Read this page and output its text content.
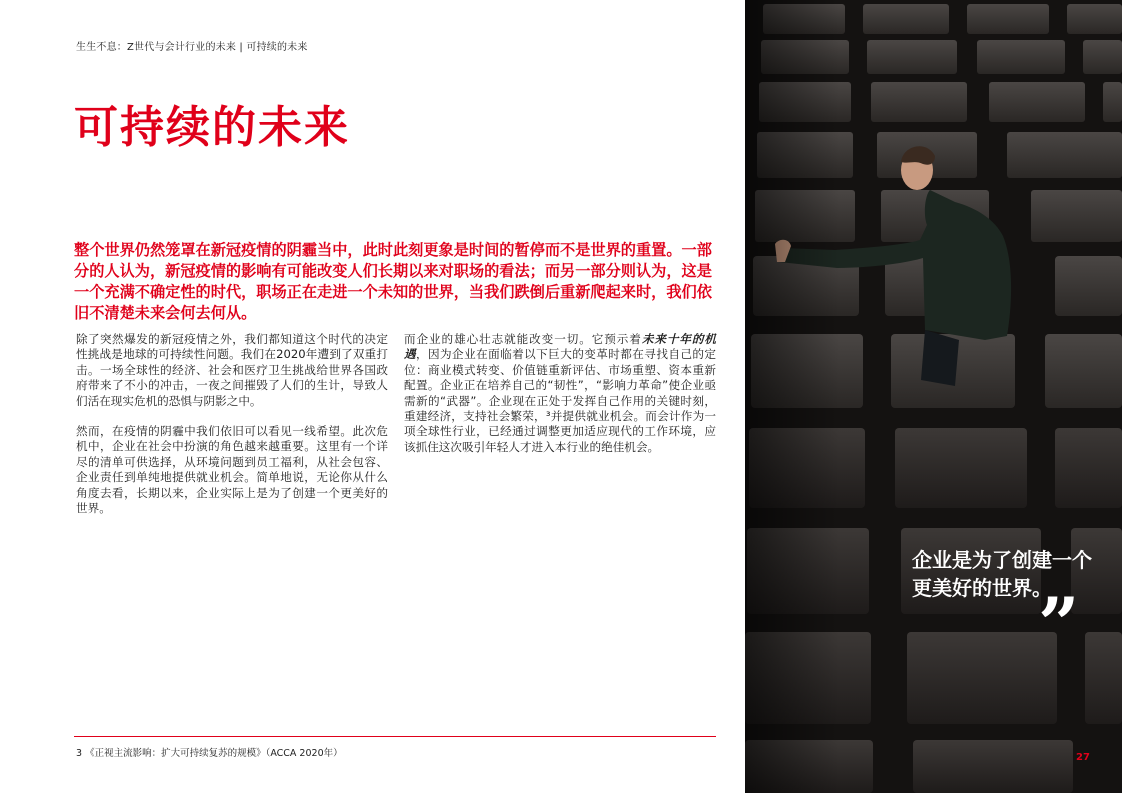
生生不息：Z世代与会计行业的未来 | 可持续的未来
可持续的未来

整个世界仍然笼罩在新冠疫情的阴霾当中，此时此刻更象是时间的暂停而不是世界的重置。一部分的人认为，新冠疫情的影响有可能改变人们长期以来对职场的看法；而另一部分则认为，这是一个充满不确定性的时代，职场正在走进一个未知的世界，当我们跌倒后重新爬起来时，我们依旧不清楚未来会何去何从。

除了突然爆发的新冠疫情之外，我们都知道这个时代的决定性挑战是地球的可持续性问题。我们在2020年遭到了双重打击。一场全球性的经济、社会和医疗卫生挑战给世界各国政府带来了不小的冲击，一夜之间摧毁了人们的生计，导致人们活在现实危机的恐惧与阴影之中。

然而，在疫情的阴霾中我们依旧可以看见一线希望。此次危机中，企业在社会中扮演的角色越来越重要。这里有一个详尽的清单可供选择，从环境问题到员工福利，从社会包容、企业责任到单纯地提供就业机会。简单地说，无论你从什么角度去看，长期以来，企业实际上是为了创建一个更美好的世界。

而企业的雄心壮志就能改变一切。它预示着未来十年的机遇，因为企业在面临着以下巨大的变革时都在寻找自己的定位：商业模式转变、价值链重新评估、市场重塑、资本重新配置。企业正在培养自己的“韧性”，“影响力革命”使企业亟需新的“武器”。企业现在正处于发挥自己作用的关键时刻，重建经济，支持社会繁荣，³并提供就业机会。而会计作为一项全球性行业，已经通过调整更加适应现代的工作环境，应该抓住这次吸引年轻人才进入本行业的绝佳机会。

3 《正视主流影响：扩大可持续复苏的规模》（ACCA 2020年）

企业是为了创建一个更美好的世界。

”
27
